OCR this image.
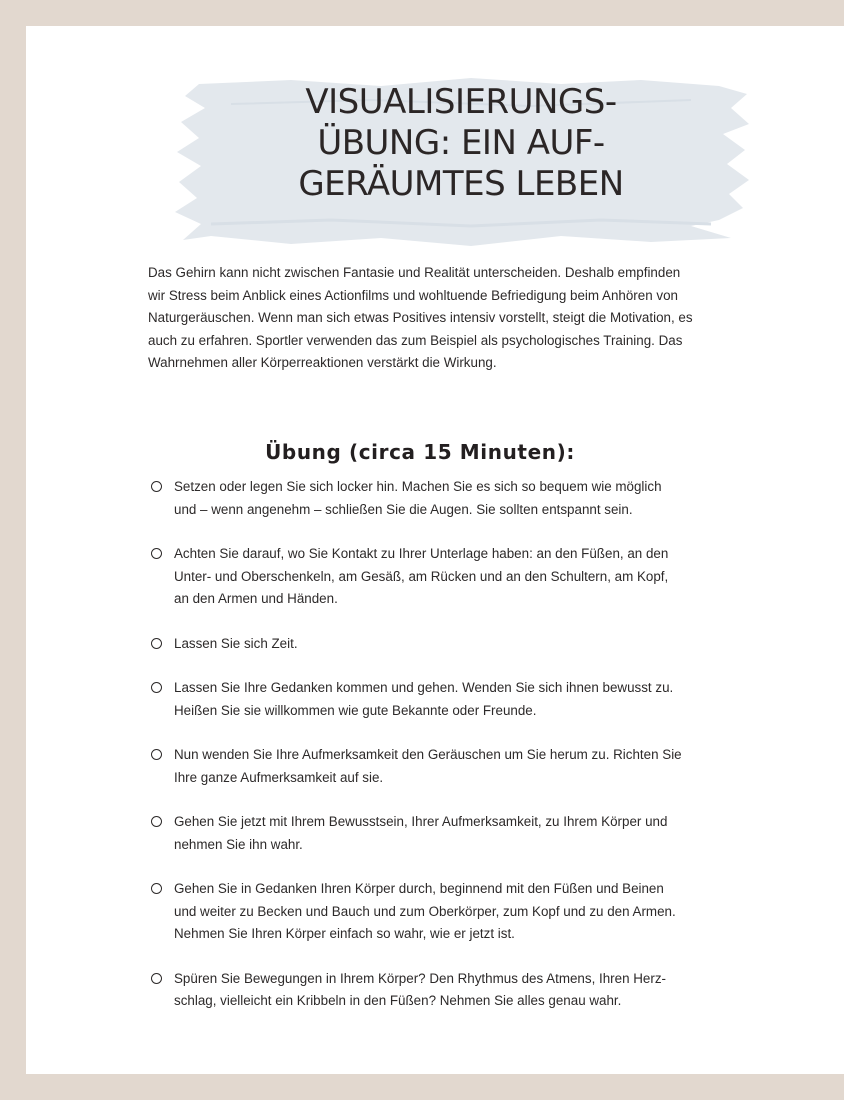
VISUALISIERUNGS-
ÜBUNG: EIN AUF-
GERÄUMTES LEBEN

Das Gehirn kann nicht zwischen Fantasie und Realität unterscheiden. Deshalb empfinden
wir Stress beim Anblick eines Actionfilms und wohltuende Befriedigung beim Anhören von
Naturgeräuschen. Wenn man sich etwas Positives intensiv vorstellt, steigt die Motivation, es
auch zu erfahren. Sportler verwenden das zum Beispiel als psychologisches Training. Das
Wahrnehmen aller Körperreaktionen verstärkt die Wirkung.

Übung (circa 15 Minuten):
Setzen oder legen Sie sich locker hin. Machen Sie es sich so bequem wie möglich
und – wenn angenehm – schließen Sie die Augen. Sie sollten entspannt sein.
Achten Sie darauf, wo Sie Kontakt zu Ihrer Unterlage haben: an den Füßen, an den
Unter- und Oberschenkeln, am Gesäß, am Rücken und an den Schultern, am Kopf,
an den Armen und Händen.
Lassen Sie sich Zeit.
Lassen Sie Ihre Gedanken kommen und gehen. Wenden Sie sich ihnen bewusst zu.
Heißen Sie sie willkommen wie gute Bekannte oder Freunde.
Nun wenden Sie Ihre Aufmerksamkeit den Geräuschen um Sie herum zu. Richten Sie
Ihre ganze Aufmerksamkeit auf sie.
Gehen Sie jetzt mit Ihrem Bewusstsein, Ihrer Aufmerksamkeit, zu Ihrem Körper und
nehmen Sie ihn wahr.
Gehen Sie in Gedanken Ihren Körper durch, beginnend mit den Füßen und Beinen
und weiter zu Becken und Bauch und zum Oberkörper, zum Kopf und zu den Armen.
Nehmen Sie Ihren Körper einfach so wahr, wie er jetzt ist.
Spüren Sie Bewegungen in Ihrem Körper? Den Rhythmus des Atmens, Ihren Herz-
schlag, vielleicht ein Kribbeln in den Füßen? Nehmen Sie alles genau wahr.
